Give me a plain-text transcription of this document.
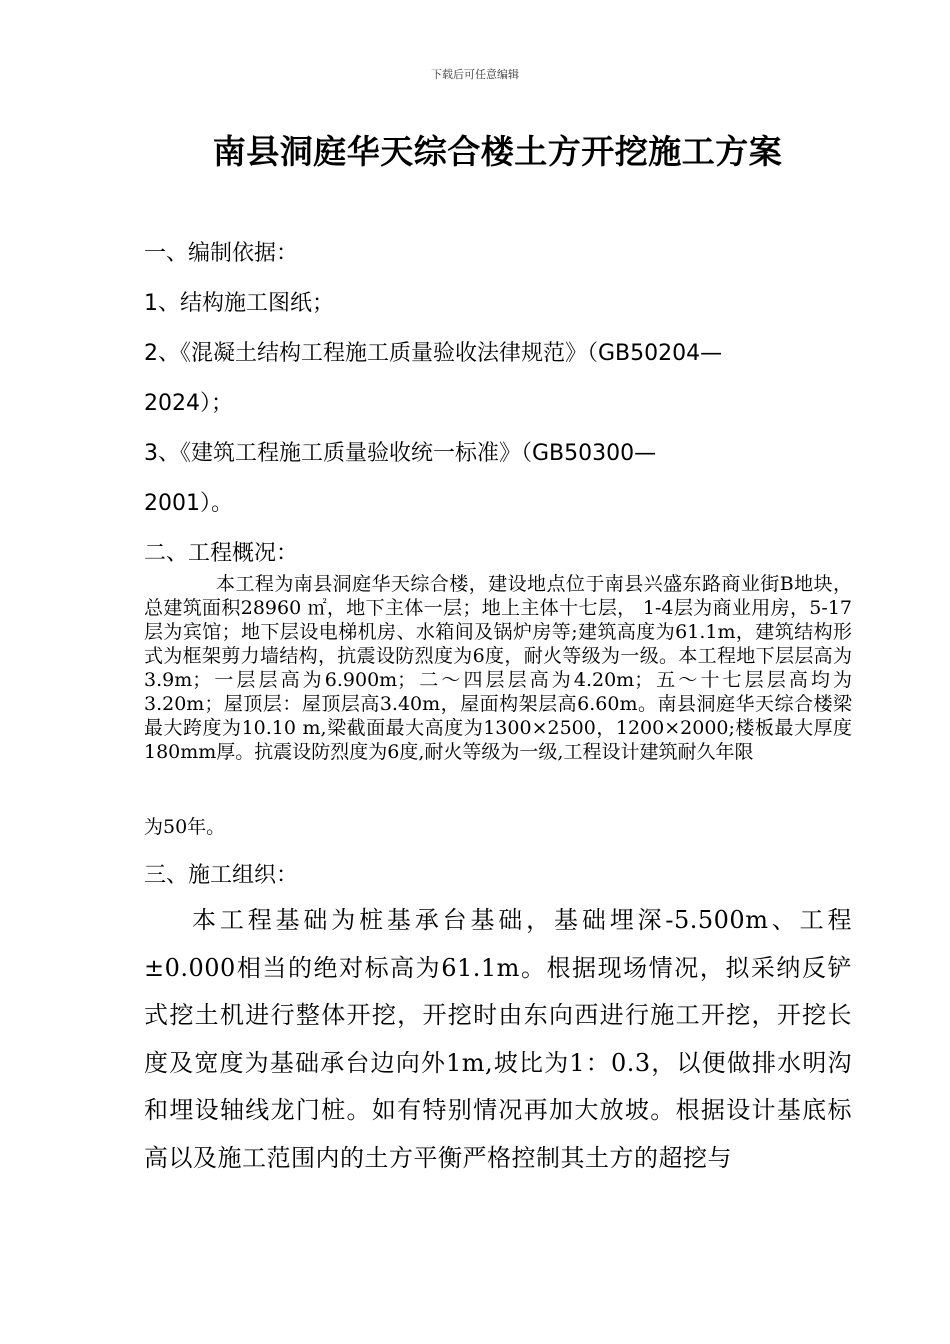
下载后可任意编辑
南县洞庭华天综合楼土方开挖施工方案
一、编制依据：
1、结构施工图纸；
2、《混凝土结构工程施工质量验收法律规范》（GB50204—
2024）；
3、《建筑工程施工质量验收统一标准》（GB50300—
2001）。
二、工程概况：
本工程为南县洞庭华天综合楼，建设地点位于南县兴盛东路商业街B地块，总建筑面积28960 ㎡，地下主体一层；地上主体十七层， 1-4层为商业用房，5-17层为宾馆；地下层设电梯机房、水箱间及锅炉房等;建筑高度为61.1m，建筑结构形式为框架剪力墙结构，抗震设防烈度为6度，耐火等级为一级。本工程地下层层高为3.9m；一层层高为6.900m；二～四层层高为4.20m；五～十七层层高均为3.20m；屋顶层：屋顶层高3.40m，屋面构架层高6.60m。南县洞庭华天综合楼梁最大跨度为10.10 m,梁截面最大高度为1300×2500，1200×2000;楼板最大厚度180mm厚。抗震设防烈度为6度,耐火等级为一级,工程设计建筑耐久年限
为50年。
三、施工组织：
本工程基础为桩基承台基础，基础埋深-5.500m、工程±0.000相当的绝对标高为61.1m。根据现场情况，拟采纳反铲式挖土机进行整体开挖，开挖时由东向西进行施工开挖，开挖长度及宽度为基础承台边向外1m,坡比为1：0.3，以便做排水明沟和埋设轴线龙门桩。如有特别情况再加大放坡。根据设计基底标高以及施工范围内的土方平衡严格控制其土方的超挖与
